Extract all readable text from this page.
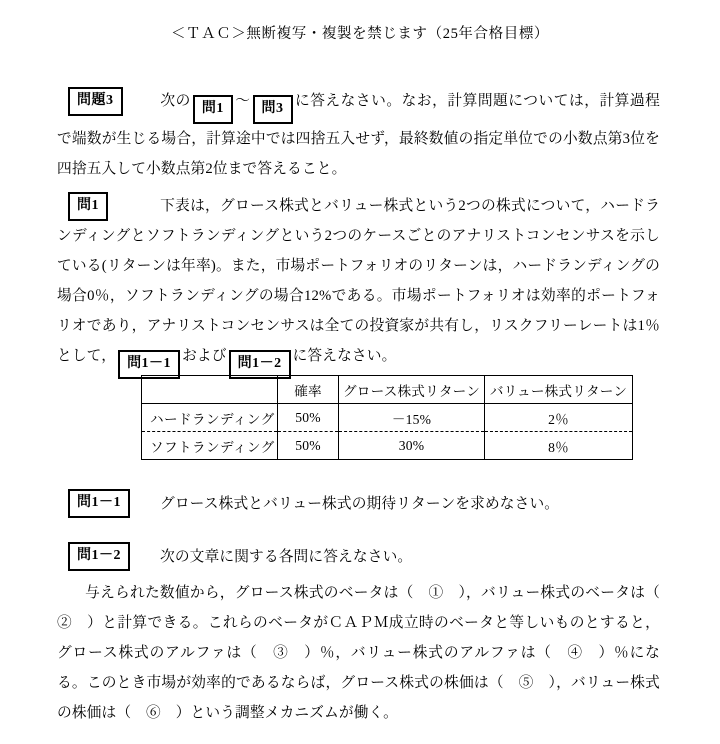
＜ＴＡＣ＞無断複写・複製を禁じます（25年合格目標）
問題3	次の 問1 ～ 問3 に答えなさい。なお，計算問題については，計算過程で端数が生じる場合，計算途中では四捨五入せず，最終数値の指定単位での小数点第3位を四捨五入して小数点第2位まで答えること。
問1	下表は，グロース株式とバリュー株式という2つの株式について，ハードランディングとソフトランディングという2つのケースごとのアナリストコンセンサスを示している(リターンは年率)。また，市場ポートフォリオのリターンは，ハードランディングの場合0％，ソフトランディングの場合12%である。市場ポートフォリオは効率的ポートフォリオであり，アナリストコンセンサスは全ての投資家が共有し，リスクフリーレートは1％として， 問1－1 および 問1－2 に答えなさい。
	確率	グロース株式リターン	バリュー株式リターン
ハードランディング	50%	－15%	2％
ソフトランディング	50%	30%	8％
問1－1	グロース株式とバリュー株式の期待リターンを求めなさい。
問1－2	次の文章に関する各問に答えなさい。
与えられた数値から，グロース株式のベータは（　①　），バリュー株式のベータは（　②　）と計算できる。これらのベータがＣＡＰＭ成立時のベータと等しいものとすると，グロース株式のアルファは（　③　）％，バリュー株式のアルファは（　④　）％になる。このとき市場が効率的であるならば，グロース株式の株価は（　⑤　），バリュー株式の株価は（　⑥　）という調整メカニズムが働く。
